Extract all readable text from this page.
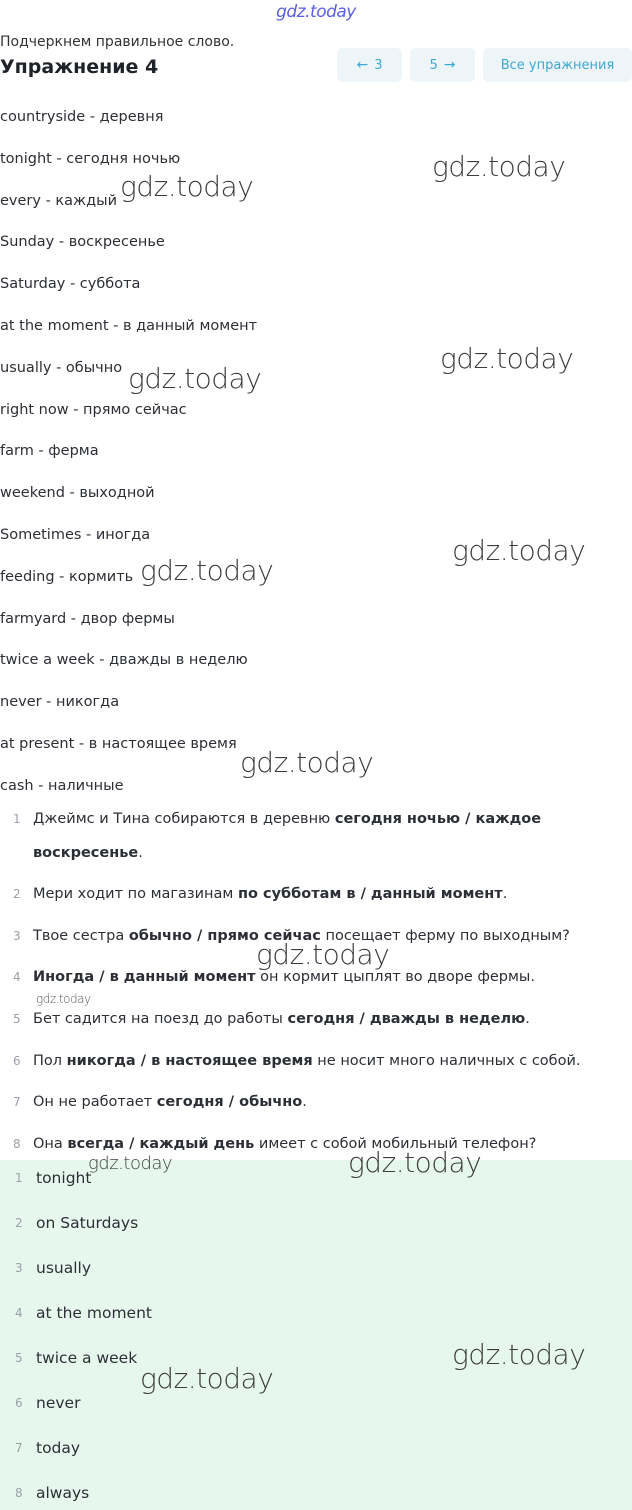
gdz.today
Подчеркнем правильное слово.
Упражнение 4	← 3	5 →	Все упражнения
countryside - деревня
tonight - сегодня ночью
every - каждый
Sunday - воскресенье
Saturday - суббота
at the moment - в данный момент
usually - обычно
right now - прямо сейчас
farm - ферма
weekend - выходной
Sometimes - иногда
feeding - кормить
farmyard - двор фермы
twice a week - дважды в неделю
never - никогда
at present - в настоящее время
cash - наличные
1 Джеймс и Тина собираются в деревню сегодня ночью / каждое воскресенье.
2 Мери ходит по магазинам по субботам в / данный момент.
3 Твое сестра обычно / прямо сейчас посещает ферму по выходным?
4 Иногда / в данный момент он кормит цыплят во дворе фермы.
5 Бет садится на поезд до работы сегодня / дважды в неделю.
6 Пол никогда / в настоящее время не носит много наличных с собой.
7 Он не работает сегодня / обычно.
8 Она всегда / каждый день имеет с собой мобильный телефон?
1 tonight
2 on Saturdays
3 usually
4 at the moment
5 twice a week
6 never
7 today
8 always
gdz.today
gdz.today
gdz.today
gdz.today
gdz.today
gdz.today
gdz.today
gdz.today
gdz.today
gdz.today	gdz.today
gdz.today
gdz.today
